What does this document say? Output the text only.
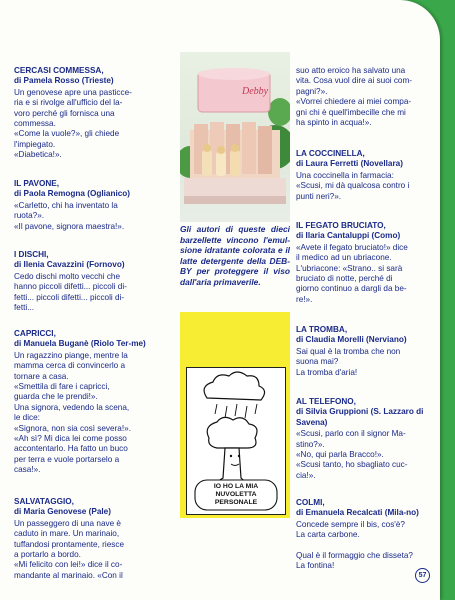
CERCASI COMMESSA,

di Pamela Rosso (Trieste)

Un genovese apre una pasticce-

ria e si rivolge all'ufficio del la-

voro perché gli fornisca una

commessa.

«Come la vuole?», gli chiede

l'impiegato.

«Diabetica!».

IL PAVONE,

di Paola Remogna (Oglianico)

«Carletto, chi ha inventato la

ruota?».

«Il pavone, signora maestra!».

I DISCHI,

di Ilenia Cavazzini (Fornovo)

Cedo dischi molto vecchi che

hanno piccoli difetti... piccoli di-

fetti... piccoli difetti... piccoli di-

fetti...

CAPRICCI,

di Manuela Buganè (Riolo Ter-me)

Un ragazzino piange, mentre la

mamma cerca di convincerlo a

tornare a casa.

«Smettila di fare i capricci,

guarda che le prendi!».

Una signora, vedendo la scena,

le dice:

«Signora, non sia così severa!».

«Ah sì? Mi dica lei come posso

accontentarlo. Ha fatto un buco

per terra e vuole portarselo a

casa!».

SALVATAGGIO,

di Maria Genovese (Pale)

Un passeggero di una nave è

caduto in mare. Un marinaio,

tuffandosi prontamente, riesce

a portarlo a bordo.

«Mi felicito con lei!» dice il co-

mandante al marinaio. «Con il

Debby
Gli autori di queste dieci barzellette vincono l'emul-sione idratante colorata e il latte detergente della DEB-BY per proteggere il viso dall'aria primaverile.
IO HO LA MIA NUVOLETTA PERSONALE

suo atto eroico ha salvato una

vita. Cosa vuol dire ai suoi com-

pagni?».

«Vorrei chiedere ai miei compa-

gni chi è quell'imbecille che mi

ha spinto in acqua!».

LA COCCINELLA,

di Laura Ferretti (Novellara)

Una coccinella in farmacia:

«Scusi, mi dà qualcosa contro i

punti neri?».

IL FEGATO BRUCIATO,

di Ilaria Cantaluppi (Como)

«Avete il fegato bruciato!» dice

il medico ad un ubriacone.

L'ubriacone: «Strano.. si sarà

bruciato di notte, perché di

giorno continuo a dargli da be-

re!».

LA TROMBA,

di Claudia Morelli (Nerviano)

Sai qual è la tromba che non

suona mai?

La tromba d'aria!

AL TELEFONO,

di Silvia Gruppioni (S. Lazzaro di Savena)

«Scusi, parlo con il signor Ma-

stino?».

«No, qui parla Bracco!».

«Scusi tanto, ho sbagliato cuc-

cia!».

COLMI,

di Emanuela Recalcati (Mila-no)

Concede sempre il bis, cos'è?

La carta carbone.

Qual è il formaggio che disseta?

La fontina!

57
